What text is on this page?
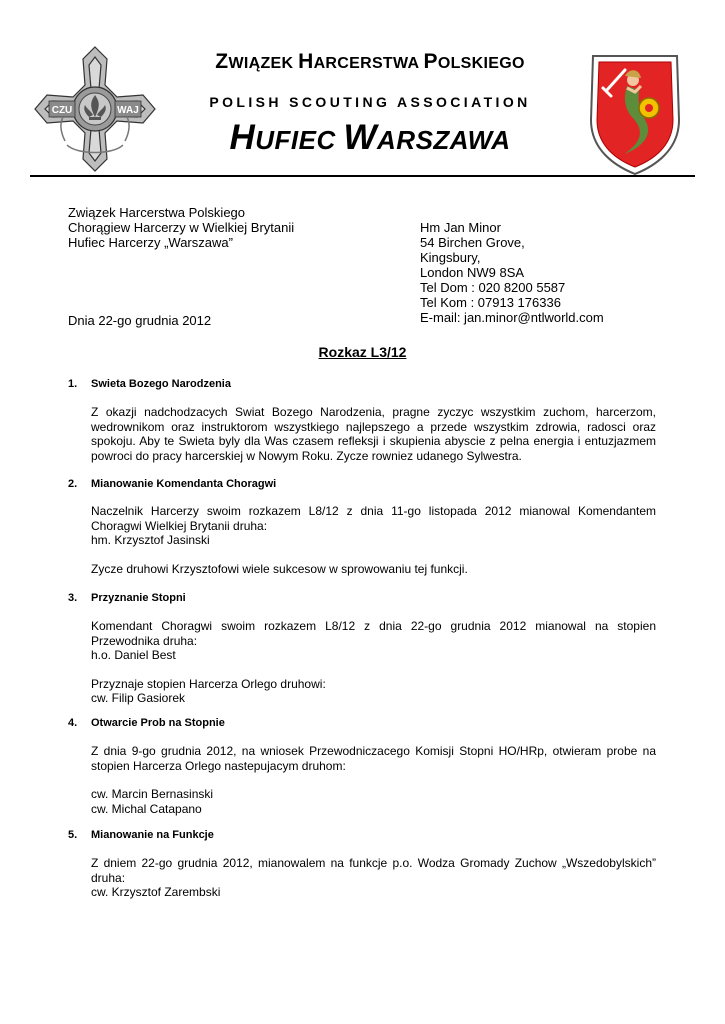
CZU	WAJ
ZWIĄZEK HARCERSTWA POLSKIEGO
POLISH SCOUTING ASSOCIATION
HUFIEC WARSZAWA
Związek Harcerstwa Polskiego
Chorągiew Harcerzy w Wielkiej Brytanii
Hufiec Harcerzy „Warszawa”
Hm Jan Minor
54 Birchen Grove,
Kingsbury,
London NW9 8SA
Tel Dom : 020 8200 5587
Tel Kom : 07913 176336
E-mail: jan.minor@ntlworld.com
Dnia 22-go grudnia 2012
Rozkaz L3/12
1. Swieta Bozego Narodzenia

Z okazji nadchodzacych Swiat Bozego Narodzenia, pragne zyczyc wszystkim zuchom, harcerzom, wedrownikom oraz instruktorom wszystkiego najlepszego a przede wszystkim zdrowia, radosci oraz spokoju. Aby te Swieta byly dla Was czasem refleksji i skupienia abyscie z pelna energia i entuzjazmem powroci do pracy harcerskiej w Nowym Roku. Zycze rowniez udanego Sylwestra.

2. Mianowanie Komendanta Choragwi

Naczelnik Harcerzy swoim rozkazem L8/12 z dnia 11-go listopada 2012 mianowal Komendantem Choragwi Wielkiej Brytanii druha:

hm. Krzysztof Jasinski

Zycze druhowi Krzysztofowi wiele sukcesow w sprowowaniu tej funkcji.

3. Przyznanie Stopni

Komendant Choragwi swoim rozkazem L8/12 z dnia 22-go grudnia 2012 mianowal na stopien Przewodnika druha:

h.o. Daniel Best

Przyznaje stopien Harcerza Orlego druhowi:

cw. Filip Gasiorek

4. Otwarcie Prob na Stopnie

Z dnia 9-go grudnia 2012, na wniosek Przewodniczacego Komisji Stopni HO/HRp, otwieram probe na stopien Harcerza Orlego nastepujacym druhom:

cw. Marcin Bernasinski

cw. Michal Catapano

5. Mianowanie na Funkcje

Z dniem 22-go grudnia 2012, mianowalem na funkcje p.o. Wodza Gromady Zuchow „Wszedobylskich” druha:

cw. Krzysztof Zarembski
